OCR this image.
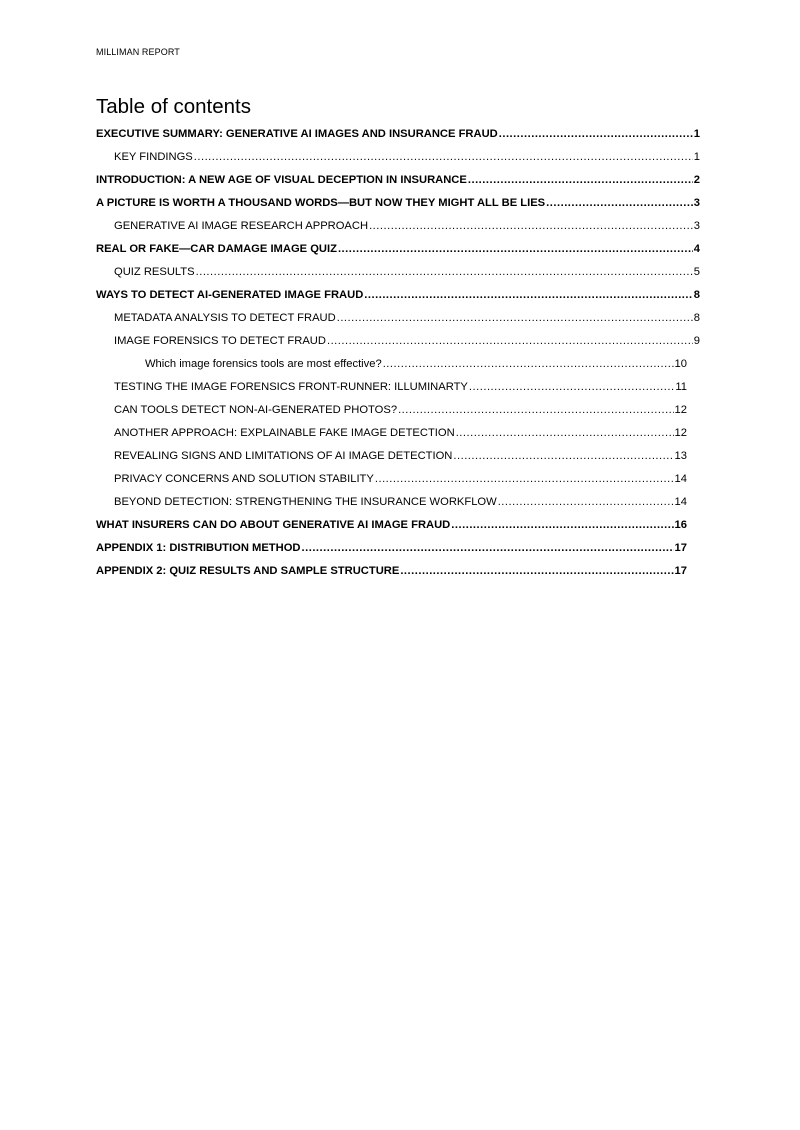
MILLIMAN REPORT
Table of contents
EXECUTIVE SUMMARY: GENERATIVE AI IMAGES AND INSURANCE FRAUD .....	1
KEY FINDINGS .....	1
INTRODUCTION: A NEW AGE OF VISUAL DECEPTION IN INSURANCE .....	2
A PICTURE IS WORTH A THOUSAND WORDS—BUT NOW THEY MIGHT ALL BE LIES .....	3
GENERATIVE AI IMAGE RESEARCH APPROACH .....	3
REAL OR FAKE—CAR DAMAGE IMAGE QUIZ .....	4
QUIZ RESULTS .....	5
WAYS TO DETECT AI-GENERATED IMAGE FRAUD .....	8
METADATA ANALYSIS TO DETECT FRAUD .....	8
IMAGE FORENSICS TO DETECT FRAUD .....	9
Which image forensics tools are most effective? .....	10
TESTING THE IMAGE FORENSICS FRONT-RUNNER: ILLUMINARTY .....	11
CAN TOOLS DETECT NON-AI-GENERATED PHOTOS? .....	12
ANOTHER APPROACH: EXPLAINABLE FAKE IMAGE DETECTION .....	12
REVEALING SIGNS AND LIMITATIONS OF AI IMAGE DETECTION .....	13
PRIVACY CONCERNS AND SOLUTION STABILITY .....	14
BEYOND DETECTION: STRENGTHENING THE INSURANCE WORKFLOW .....	14
WHAT INSURERS CAN DO ABOUT GENERATIVE AI IMAGE FRAUD .....	16
APPENDIX 1: DISTRIBUTION METHOD .....	17
APPENDIX 2: QUIZ RESULTS AND SAMPLE STRUCTURE .....	17
